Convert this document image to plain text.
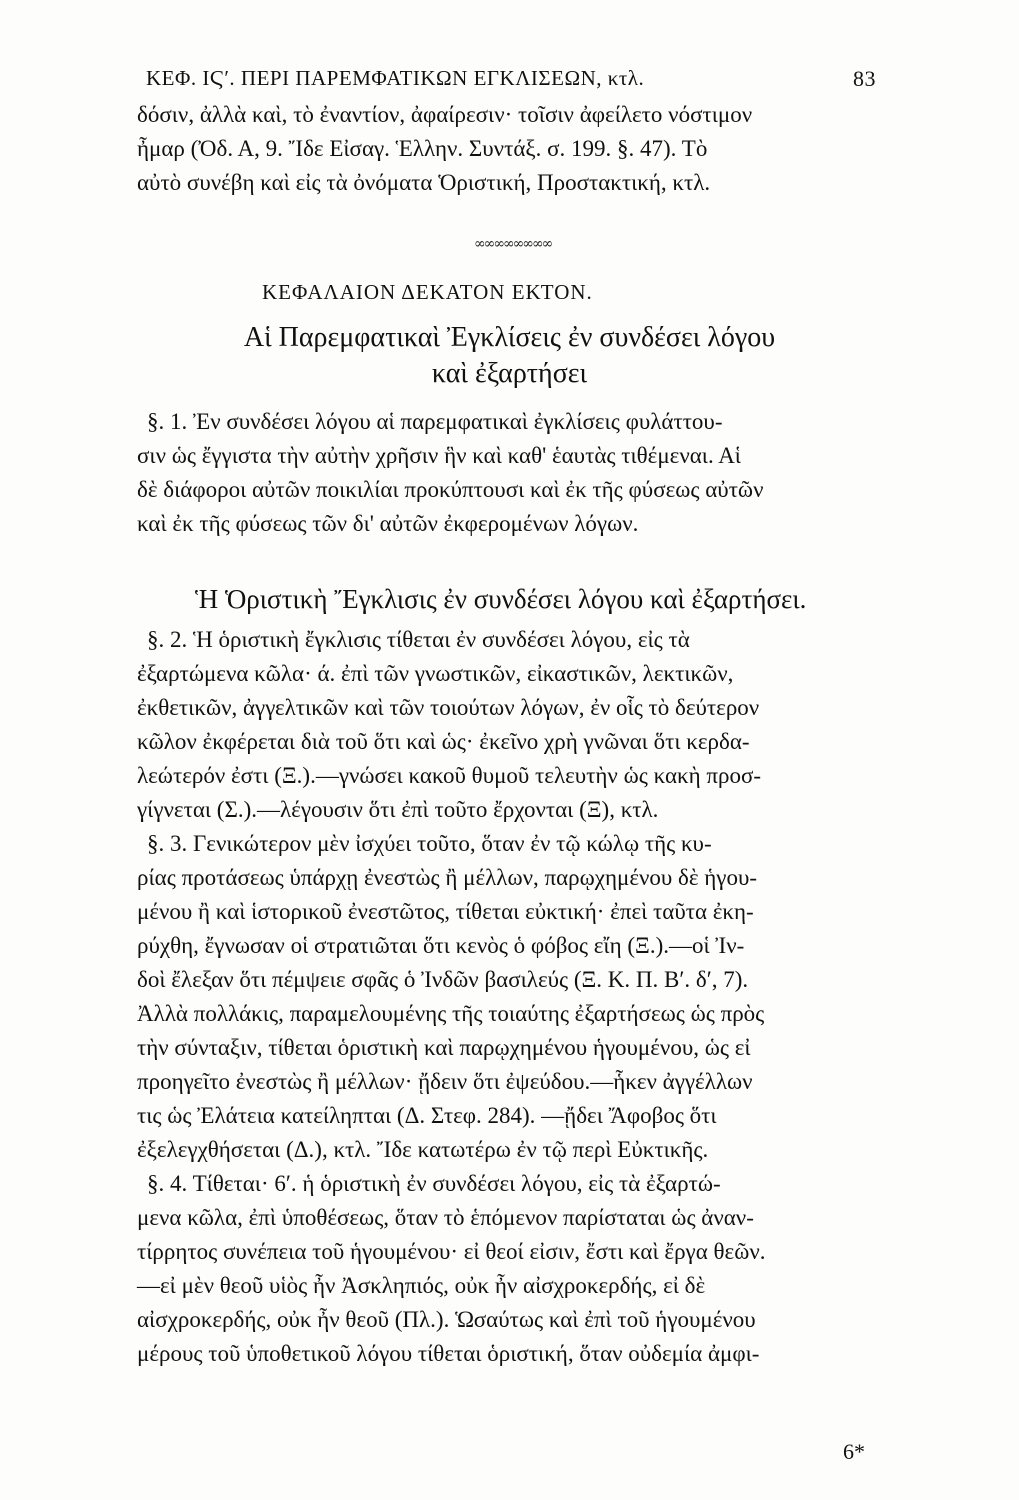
ΚΕΦ. ΙϚʹ. ΠΕΡΙ ΠΑΡΕΜΦΑΤΙΚΩΝ ΕΓΚΛΙΣΕΩΝ, κτλ.	83
δόσιν, ἀλλὰ καὶ, τὸ ἐναντίον, ἀφαίρεσιν· τοῖσιν ἀφείλετο νόστιμον
ἦμαρ (Ὀδ. Α, 9. Ἴδε Εἰσαγ. Ἑλλην. Συντάξ. σ. 199. §. 47). Τὸ
αὐτὸ συνέβη καὶ εἰς τὰ ὀνόματα Ὁριστική, Προστακτική, κτλ.
∞∞∞∞∞∞∞∞
ΚΕΦΑΛΑΙΟΝ ΔΕΚΑΤΟΝ ΕΚΤΟΝ.
Αἱ Παρεμφατικαὶ Ἐγκλίσεις ἐν συνδέσει λόγου
καὶ ἐξαρτήσει
§. 1. Ἐν συνδέσει λόγου αἱ παρεμφατικαὶ ἐγκλίσεις φυλάττου-
σιν ὡς ἔγγιστα τὴν αὐτὴν χρῆσιν ἣν καὶ καθ' ἑαυτὰς τιθέμεναι. Αἱ
δὲ διάφοροι αὐτῶν ποικιλίαι προκύπτουσι καὶ ἐκ τῆς φύσεως αὐτῶν
καὶ ἐκ τῆς φύσεως τῶν δι' αὐτῶν ἐκφερομένων λόγων.
Ἡ Ὁριστικὴ Ἔγκλισις ἐν συνδέσει λόγου καὶ ἐξαρτήσει.
§. 2. Ἡ ὁριστικὴ ἔγκλισις τίθεται ἐν συνδέσει λόγου, εἰς τὰ
ἐξαρτώμενα κῶλα· ά. ἐπὶ τῶν γνωστικῶν, εἰκαστικῶν, λεκτικῶν,
ἐκθετικῶν, ἀγγελτικῶν καὶ τῶν τοιούτων λόγων, ἐν οἷς τὸ δεύτερον
κῶλον ἐκφέρεται διὰ τοῦ ὅτι καὶ ὡς· ἐκεῖνο χρὴ γνῶναι ὅτι κερδα-
λεώτερόν ἐστι (Ξ.).—γνώσει κακοῦ θυμοῦ τελευτὴν ὡς κακὴ προσ-
γίγνεται (Σ.).—λέγουσιν ὅτι ἐπὶ τοῦτο ἔρχονται (Ξ), κτλ.
§. 3. Γενικώτερον μὲν ἰσχύει τοῦτο, ὅταν ἐν τῷ κώλῳ τῆς κυ-
ρίας προτάσεως ὑπάρχῃ ἐνεστὼς ἢ μέλλων, παρῳχημένου δὲ ἡγου-
μένου ἢ καὶ ἱστορικοῦ ἐνεστῶτος, τίθεται εὐκτική· ἐπεὶ ταῦτα ἐκη-
ρύχθη, ἔγνωσαν οἱ στρατιῶται ὅτι κενὸς ὁ φόβος εἴη (Ξ.).—οἱ Ἰν-
δοὶ ἔλεξαν ὅτι πέμψειε σφᾶς ὁ Ἰνδῶν βασιλεύς (Ξ. Κ. Π. Βʹ. δʹ, 7).
Ἀλλὰ πολλάκις, παραμελουμένης τῆς τοιαύτης ἐξαρτήσεως ὡς πρὸς
τὴν σύνταξιν, τίθεται ὁριστικὴ καὶ παρῳχημένου ἡγουμένου, ὡς εἰ
προηγεῖτο ἐνεστὼς ἢ μέλλων· ᾔδειν ὅτι ἐψεύδου.—ἧκεν ἀγγέλλων
τις ὡς Ἐλάτεια κατείληπται (Δ. Στεφ. 284). —ᾔδει Ἄφοβος ὅτι
ἐξελεγχθήσεται (Δ.), κτλ. Ἴδε κατωτέρω ἐν τῷ περὶ Εὐκτικῆς.
§. 4. Τίθεται· 6ʹ. ἡ ὁριστικὴ ἐν συνδέσει λόγου, εἰς τὰ ἐξαρτώ-
μενα κῶλα, ἐπὶ ὑποθέσεως, ὅταν τὸ ἑπόμενον παρίσταται ὡς ἀναν-
τίρρητος συνέπεια τοῦ ἡγουμένου· εἰ θεοί εἰσιν, ἔστι καὶ ἔργα θεῶν.
—εἰ μὲν θεοῦ υἱὸς ἦν Ἀσκληπιός, οὐκ ἦν αἰσχροκερδής, εἰ δὲ
αἰσχροκερδής, οὐκ ἦν θεοῦ (Πλ.). Ὡσαύτως καὶ ἐπὶ τοῦ ἡγουμένου
μέρους τοῦ ὑποθετικοῦ λόγου τίθεται ὁριστική, ὅταν οὐδεμία ἀμφι-
6*
